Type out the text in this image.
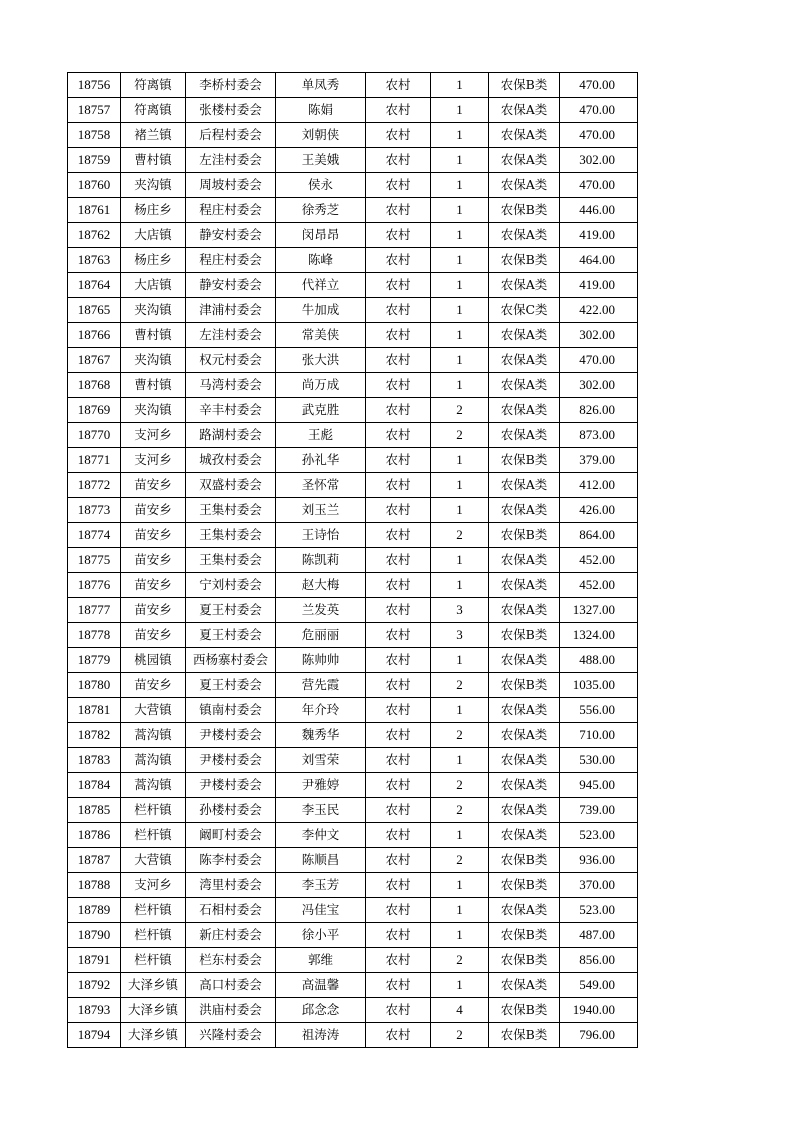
18756	符离镇	李桥村委会	单凤秀	农村	1	农保B类	470.00
18757	符离镇	张楼村委会	陈娟	农村	1	农保A类	470.00
18758	褚兰镇	后程村委会	刘朝侠	农村	1	农保A类	470.00
18759	曹村镇	左洼村委会	王美娥	农村	1	农保A类	302.00
18760	夹沟镇	周坡村委会	侯永	农村	1	农保A类	470.00
18761	杨庄乡	程庄村委会	徐秀芝	农村	1	农保B类	446.00
18762	大店镇	静安村委会	闵昂昂	农村	1	农保A类	419.00
18763	杨庄乡	程庄村委会	陈峰	农村	1	农保B类	464.00
18764	大店镇	静安村委会	代祥立	农村	1	农保A类	419.00
18765	夹沟镇	津浦村委会	牛加成	农村	1	农保C类	422.00
18766	曹村镇	左洼村委会	常美侠	农村	1	农保A类	302.00
18767	夹沟镇	权元村委会	张大洪	农村	1	农保A类	470.00
18768	曹村镇	马湾村委会	尚万成	农村	1	农保A类	302.00
18769	夹沟镇	辛丰村委会	武克胜	农村	2	农保A类	826.00
18770	支河乡	路湖村委会	王彪	农村	2	农保A类	873.00
18771	支河乡	城孜村委会	孙礼华	农村	1	农保B类	379.00
18772	苗安乡	双盛村委会	圣怀常	农村	1	农保A类	412.00
18773	苗安乡	王集村委会	刘玉兰	农村	1	农保A类	426.00
18774	苗安乡	王集村委会	王诗怡	农村	2	农保B类	864.00
18775	苗安乡	王集村委会	陈凯莉	农村	1	农保A类	452.00
18776	苗安乡	宁刘村委会	赵大梅	农村	1	农保A类	452.00
18777	苗安乡	夏王村委会	兰发英	农村	3	农保A类	1327.00
18778	苗安乡	夏王村委会	危丽丽	农村	3	农保B类	1324.00
18779	桃园镇	西杨寨村委会	陈帅帅	农村	1	农保A类	488.00
18780	苗安乡	夏王村委会	营先霞	农村	2	农保B类	1035.00
18781	大营镇	镇南村委会	年介玲	农村	1	农保A类	556.00
18782	蒿沟镇	尹楼村委会	魏秀华	农村	2	农保A类	710.00
18783	蒿沟镇	尹楼村委会	刘雪荣	农村	1	农保A类	530.00
18784	蒿沟镇	尹楼村委会	尹雅婷	农村	2	农保A类	945.00
18785	栏杆镇	孙楼村委会	李玉民	农村	2	农保A类	739.00
18786	栏杆镇	阚町村委会	李仲文	农村	1	农保A类	523.00
18787	大营镇	陈李村委会	陈顺昌	农村	2	农保B类	936.00
18788	支河乡	湾里村委会	李玉芳	农村	1	农保B类	370.00
18789	栏杆镇	石相村委会	冯佳宝	农村	1	农保A类	523.00
18790	栏杆镇	新庄村委会	徐小平	农村	1	农保B类	487.00
18791	栏杆镇	栏东村委会	郭维	农村	2	农保B类	856.00
18792	大泽乡镇	高口村委会	高温馨	农村	1	农保A类	549.00
18793	大泽乡镇	洪庙村委会	邱念念	农村	4	农保B类	1940.00
18794	大泽乡镇	兴隆村委会	祖涛涛	农村	2	农保B类	796.00
